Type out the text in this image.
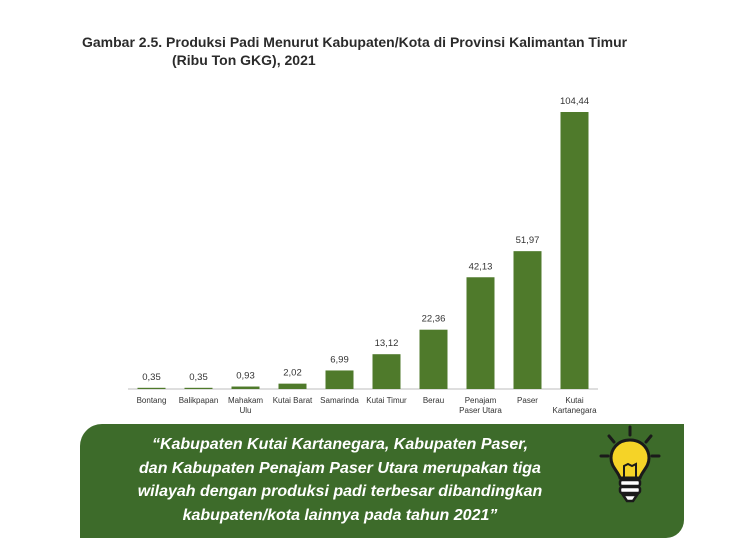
Gambar 2.5. Produksi Padi Menurut Kabupaten/Kota di Provinsi Kalimantan Timur
(Ribu Ton GKG), 2021
0,35	0,35	0,93	2,02
6,99
13,12
22,36
42,13
51,97
104,44
Bontang Balikpapan Mahakam
Ulu
Kutai Barat Samarinda Kutai Timur Berau	Penajam
Paser Utara
Paser	Kutai
Kartanegara
“Kabupaten Kutai Kartanegara, Kabupaten Paser,
dan Kabupaten Penajam Paser Utara merupakan tiga
wilayah dengan produksi padi terbesar dibandingkan
kabupaten/kota lainnya pada tahun 2021”
